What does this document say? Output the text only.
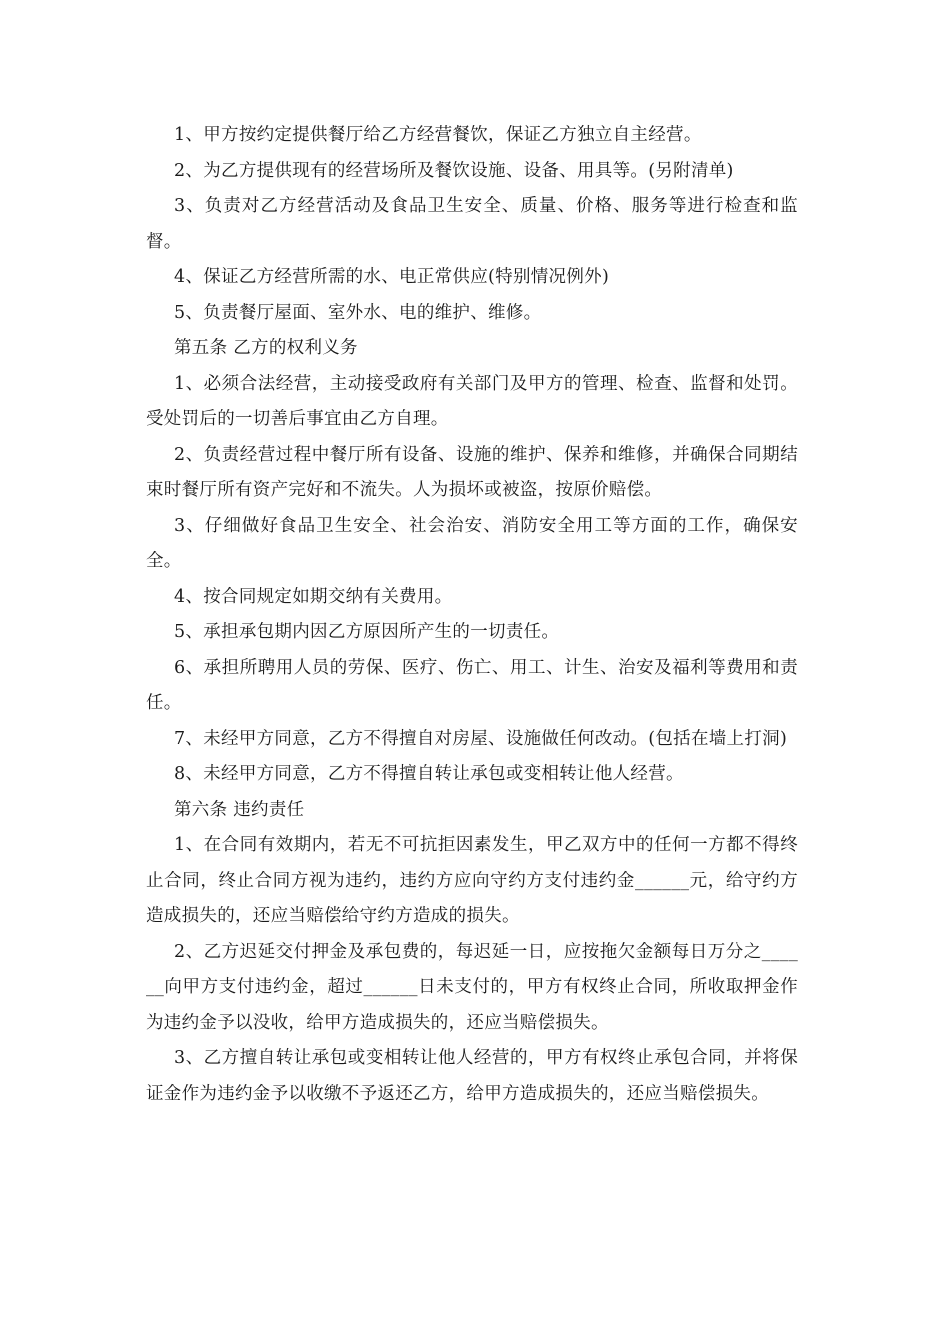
1、甲方按约定提供餐厅给乙方经营餐饮，保证乙方独立自主经营。

2、为乙方提供现有的经营场所及餐饮设施、设备、用具等。(另附清单)

3、负责对乙方经营活动及食品卫生安全、质量、价格、服务等进行检查和监督。

4、保证乙方经营所需的水、电正常供应(特别情况例外)

5、负责餐厅屋面、室外水、电的维护、维修。

第五条 乙方的权利义务

1、必须合法经营，主动接受政府有关部门及甲方的管理、检查、监督和处罚。受处罚后的一切善后事宜由乙方自理。

2、负责经营过程中餐厅所有设备、设施的维护、保养和维修，并确保合同期结束时餐厅所有资产完好和不流失。人为损坏或被盗，按原价赔偿。

3、仔细做好食品卫生安全、社会治安、消防安全用工等方面的工作，确保安全。

4、按合同规定如期交纳有关费用。

5、承担承包期内因乙方原因所产生的一切责任。

6、承担所聘用人员的劳保、医疗、伤亡、用工、计生、治安及福利等费用和责任。

7、未经甲方同意，乙方不得擅自对房屋、设施做任何改动。(包括在墙上打洞)

8、未经甲方同意，乙方不得擅自转让承包或变相转让他人经营。

第六条 违约责任

1、在合同有效期内，若无不可抗拒因素发生，甲乙双方中的任何一方都不得终止合同，终止合同方视为违约，违约方应向守约方支付违约金______元，给守约方造成损失的，还应当赔偿给守约方造成的损失。

2、乙方迟延交付押金及承包费的，每迟延一日，应按拖欠金额每日万分之______向甲方支付违约金，超过______日未支付的，甲方有权终止合同，所收取押金作为违约金予以没收，给甲方造成损失的，还应当赔偿损失。

3、乙方擅自转让承包或变相转让他人经营的，甲方有权终止承包合同，并将保证金作为违约金予以收缴不予返还乙方，给甲方造成损失的，还应当赔偿损失。
